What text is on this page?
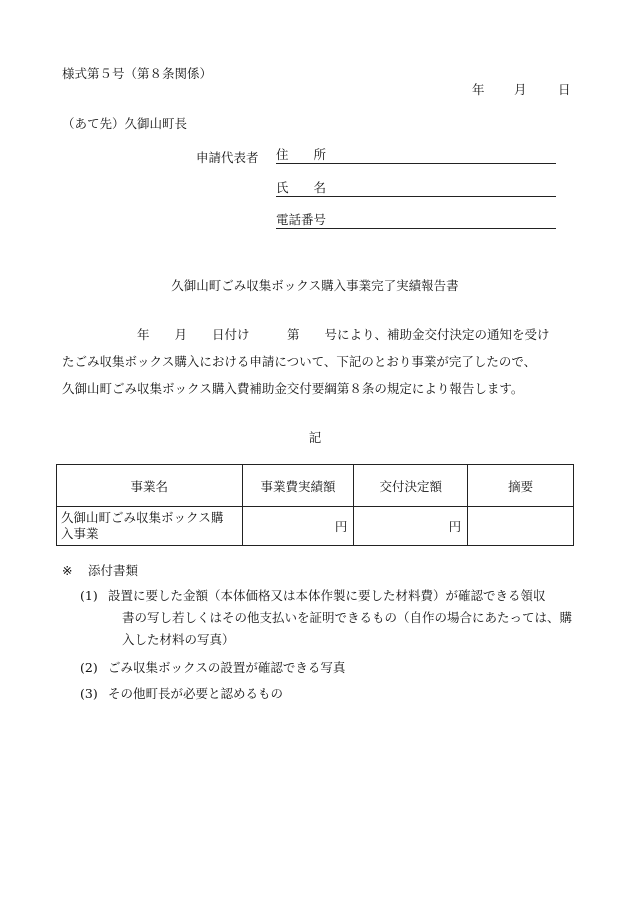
様式第５号（第８条関係）
年 月	日
（あて先）久御山町長
申請代表者 住　　所
氏　　名
電話番号
久御山町ごみ収集ボックス購入事業完了実績報告書
　　　　　　年　　月　　日付け　　　第　　号により、補助金交付決定の通知を受け
たごみ収集ボックス購入における申請について、下記のとおり事業が完了したので、
久御山町ごみ収集ボックス購入費補助金交付要綱第８条の規定により報告します。
記
事業名	事業費実績額	交付決定額	摘要

久御山町ごみ収集ボックス購
入事業	円	円	
※ 添付書類
(1) 設置に要した金額（本体価格又は本体作製に要した材料費）が確認できる領収
書の写し若しくはその他支払いを証明できるもの（自作の場合にあたっては、購
入した材料の写真）
(2) ごみ収集ボックスの設置が確認できる写真
(3) その他町長が必要と認めるもの
